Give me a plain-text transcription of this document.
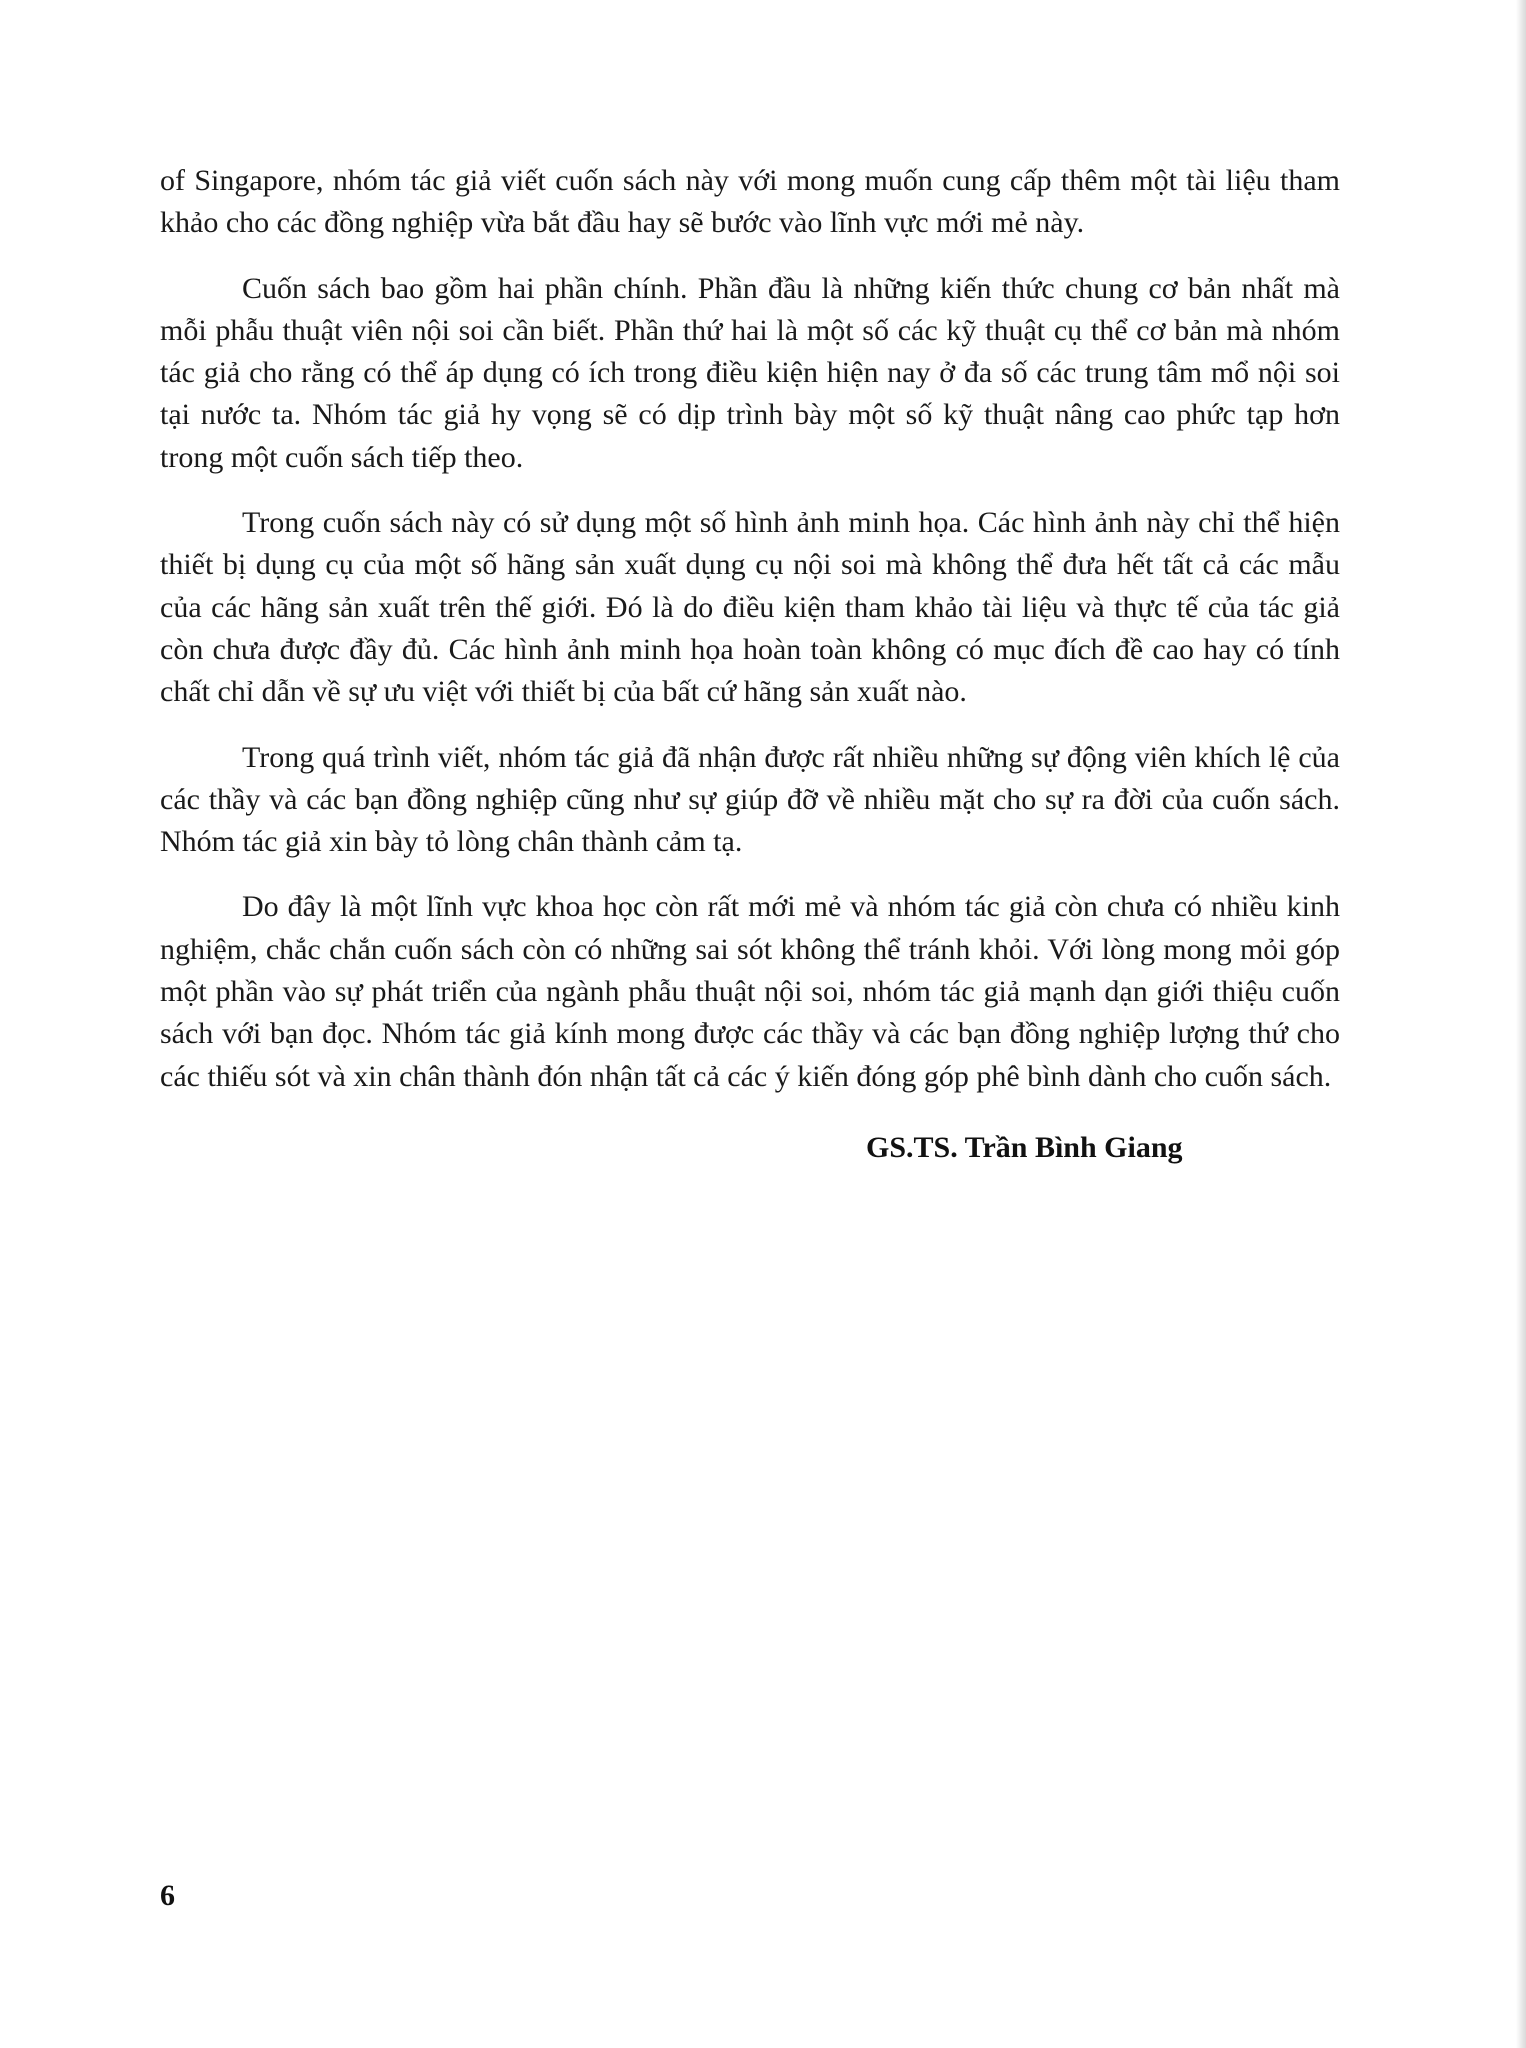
of Singapore, nhóm tác giả viết cuốn sách này với mong muốn cung cấp thêm một tài liệu tham khảo cho các đồng nghiệp vừa bắt đầu hay sẽ bước vào lĩnh vực mới mẻ này.

Cuốn sách bao gồm hai phần chính. Phần đầu là những kiến thức chung cơ bản nhất mà mỗi phẫu thuật viên nội soi cần biết. Phần thứ hai là một số các kỹ thuật cụ thể cơ bản mà nhóm tác giả cho rằng có thể áp dụng có ích trong điều kiện hiện nay ở đa số các trung tâm mổ nội soi tại nước ta. Nhóm tác giả hy vọng sẽ có dịp trình bày một số kỹ thuật nâng cao phức tạp hơn trong một cuốn sách tiếp theo.

Trong cuốn sách này có sử dụng một số hình ảnh minh họa. Các hình ảnh này chỉ thể hiện thiết bị dụng cụ của một số hãng sản xuất dụng cụ nội soi mà không thể đưa hết tất cả các mẫu của các hãng sản xuất trên thế giới. Đó là do điều kiện tham khảo tài liệu và thực tế của tác giả còn chưa được đầy đủ. Các hình ảnh minh họa hoàn toàn không có mục đích đề cao hay có tính chất chỉ dẫn về sự ưu việt với thiết bị của bất cứ hãng sản xuất nào.

Trong quá trình viết, nhóm tác giả đã nhận được rất nhiều những sự động viên khích lệ của các thầy và các bạn đồng nghiệp cũng như sự giúp đỡ về nhiều mặt cho sự ra đời của cuốn sách. Nhóm tác giả xin bày tỏ lòng chân thành cảm tạ.

Do đây là một lĩnh vực khoa học còn rất mới mẻ và nhóm tác giả còn chưa có nhiều kinh nghiệm, chắc chắn cuốn sách còn có những sai sót không thể tránh khỏi. Với lòng mong mỏi góp một phần vào sự phát triển của ngành phẫu thuật nội soi, nhóm tác giả mạnh dạn giới thiệu cuốn sách với bạn đọc. Nhóm tác giả kính mong được các thầy và các bạn đồng nghiệp lượng thứ cho các thiếu sót và xin chân thành đón nhận tất cả các ý kiến đóng góp phê bình dành cho cuốn sách.

GS.TS. Trần Bình Giang
6
